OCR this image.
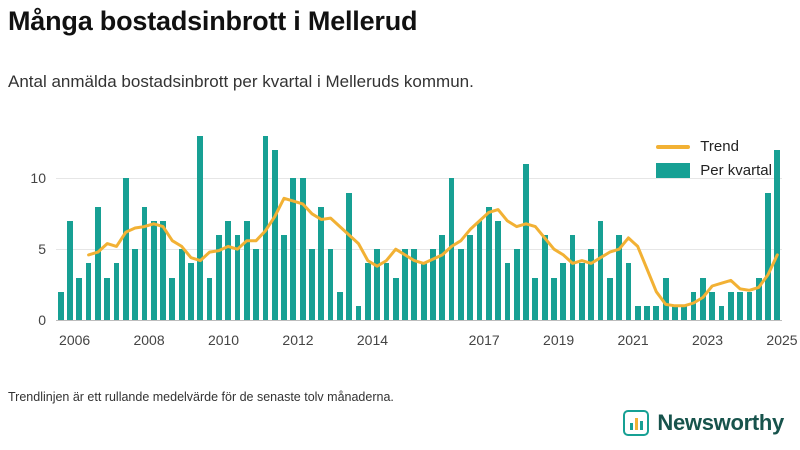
Många bostadsinbrott i Mellerud

Antal anmälda bostadsinbrott per kvartal i Melleruds kommun.

0
5
10
2006	2008	2010	2012	2014	2017	2019	2021	2023	2025
Trend
Per kvartal
Trendlinjen är ett rullande medelvärde för de senaste tolv månaderna.
Newsworthy
